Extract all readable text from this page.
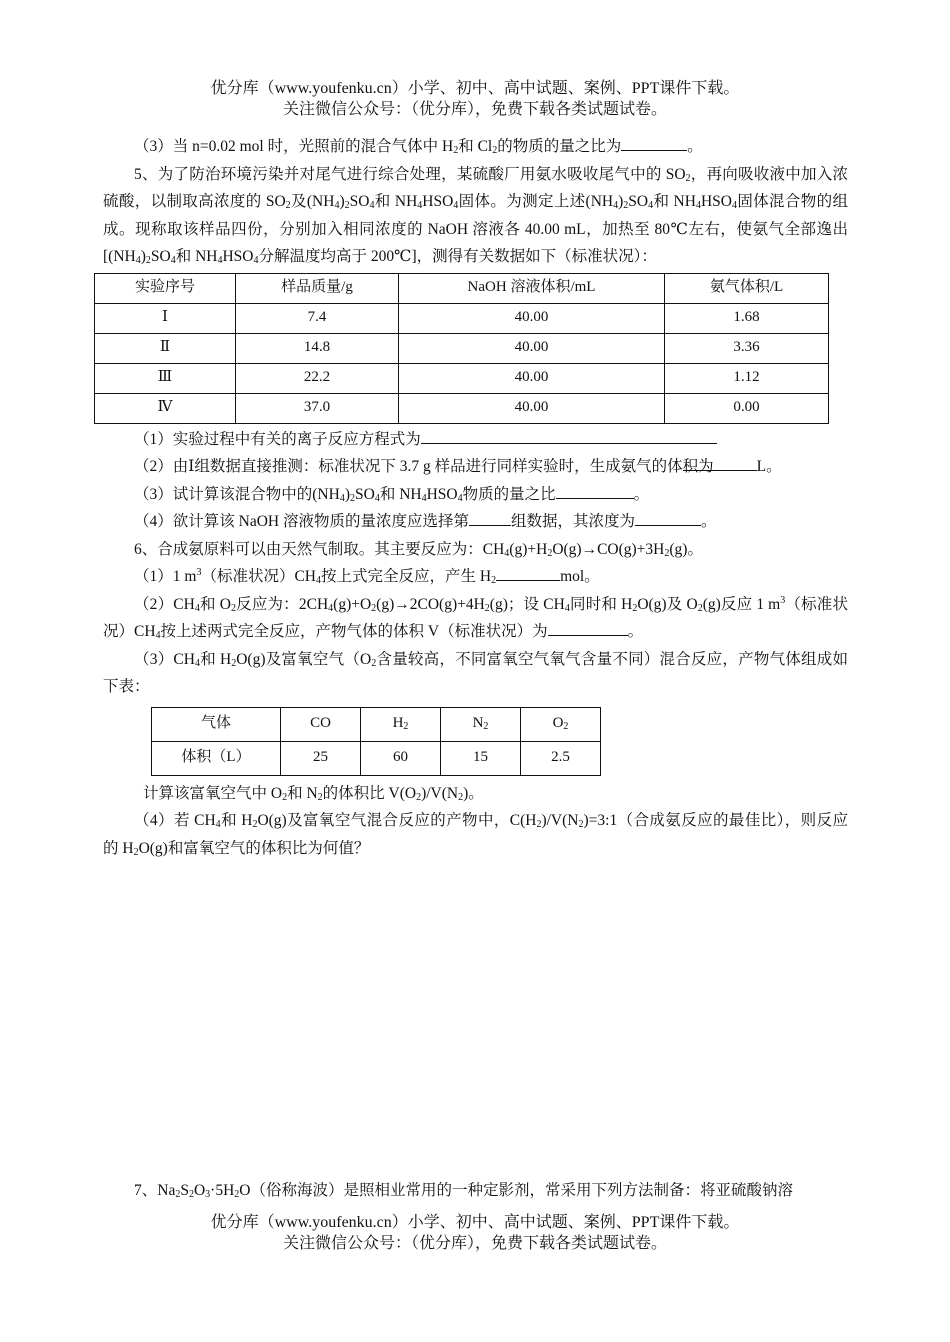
优分库（www.youfenku.cn）小学、初中、高中试题、案例、PPT课件下载。
关注微信公众号：（优分库），免费下载各类试题试卷。

（3）当 n=0.02 mol 时，光照前的混合气体中 $H_2$和 $Cl_2$的物质的量之比为	。

5、为了防治环境污染并对尾气进行综合处理，某硫酸厂用氨水吸收尾气中的 $SO_2$，再向吸收液中加入浓硫酸，以制取高浓度的 $SO_2$及$(NH_4)_2SO_4$和 $NH_4HSO_4$固体。为测定上述$(NH_4)_2SO_4$和 $NH_4HSO_4$固体混合物的组成。现称取该样品四份，分别加入相同浓度的 NaOH 溶液各 40.00 mL，加热至 80℃左右，使氨气全部逸出[$(NH_4)_2SO_4$和 $NH_4HSO_4$分解温度均高于 200℃]，测得有关数据如下（标准状况）：

实验序号	样品质量/g	NaOH 溶液体积/mL	氨气体积/L
Ⅰ	7.4	40.00	1.68
Ⅱ	14.8	40.00	3.36
Ⅲ	22.2	40.00	1.12
Ⅳ	37.0	40.00	0.00

（1）实验过程中有关的离子反应方程式为

（2）由Ⅰ组数据直接推测：标准状况下 3.7 g 样品进行同样实验时，生成氨气的体积为	L。

（3）试计算该混合物中的$(NH_4)_2SO_4$和 $NH_4HSO_4$物质的量之比	。

（4）欲计算该 NaOH 溶液物质的量浓度应选择第	组数据，其浓度为	。

6、合成氨原料可以由天然气制取。其主要反应为：$CH_4(g)+H_2O(g)\to CO(g)+3H_2(g)$。

（1）1 $m^3$（标准状况）$CH_4$按上式完全反应，产生 $H_2$	mol。

$(2)CH_4$和 $O_2$反应为：$2CH_4(g)+O_2(g)\to 2CO(g)+4H_2(g)$；设 $CH_4$同时和 $H_2O(g)$及 $O_2(g)$反应 1 $m^3$（标准状况）$CH_4$按上述两式完全反应，产物气体的体积 V（标准状况）为	。

$(3)CH_4$和 $H_2O(g)$及富氧空气（$O_2$含量较高，不同富氧空气氧气含量不同）混合反应，产物气体组成如下表：

气体	CO	$H_2$	$N_2$	$O_2$
体积（L）	25	60	15	2.5

计算该富氧空气中 $O_2$和 $N_2$的体积比 $V(O_2)/V(N_2)$。

（4）若 $CH_4$和 $H_2O(g)$及富氧空气混合反应的产物中，$C(H_2)/V(N_2)=3:1$（合成氨反应的最佳比），则反应的 $H_2O(g)$和富氧空气的体积比为何值？

7、$Na_2S_2O_3\cdot 5H_2O$（俗称海波）是照相业常用的一种定影剂，常采用下列方法制备：将亚硫酸钠溶

优分库（www.youfenku.cn）小学、初中、高中试题、案例、PPT课件下载。
关注微信公众号：（优分库），免费下载各类试题试卷。
